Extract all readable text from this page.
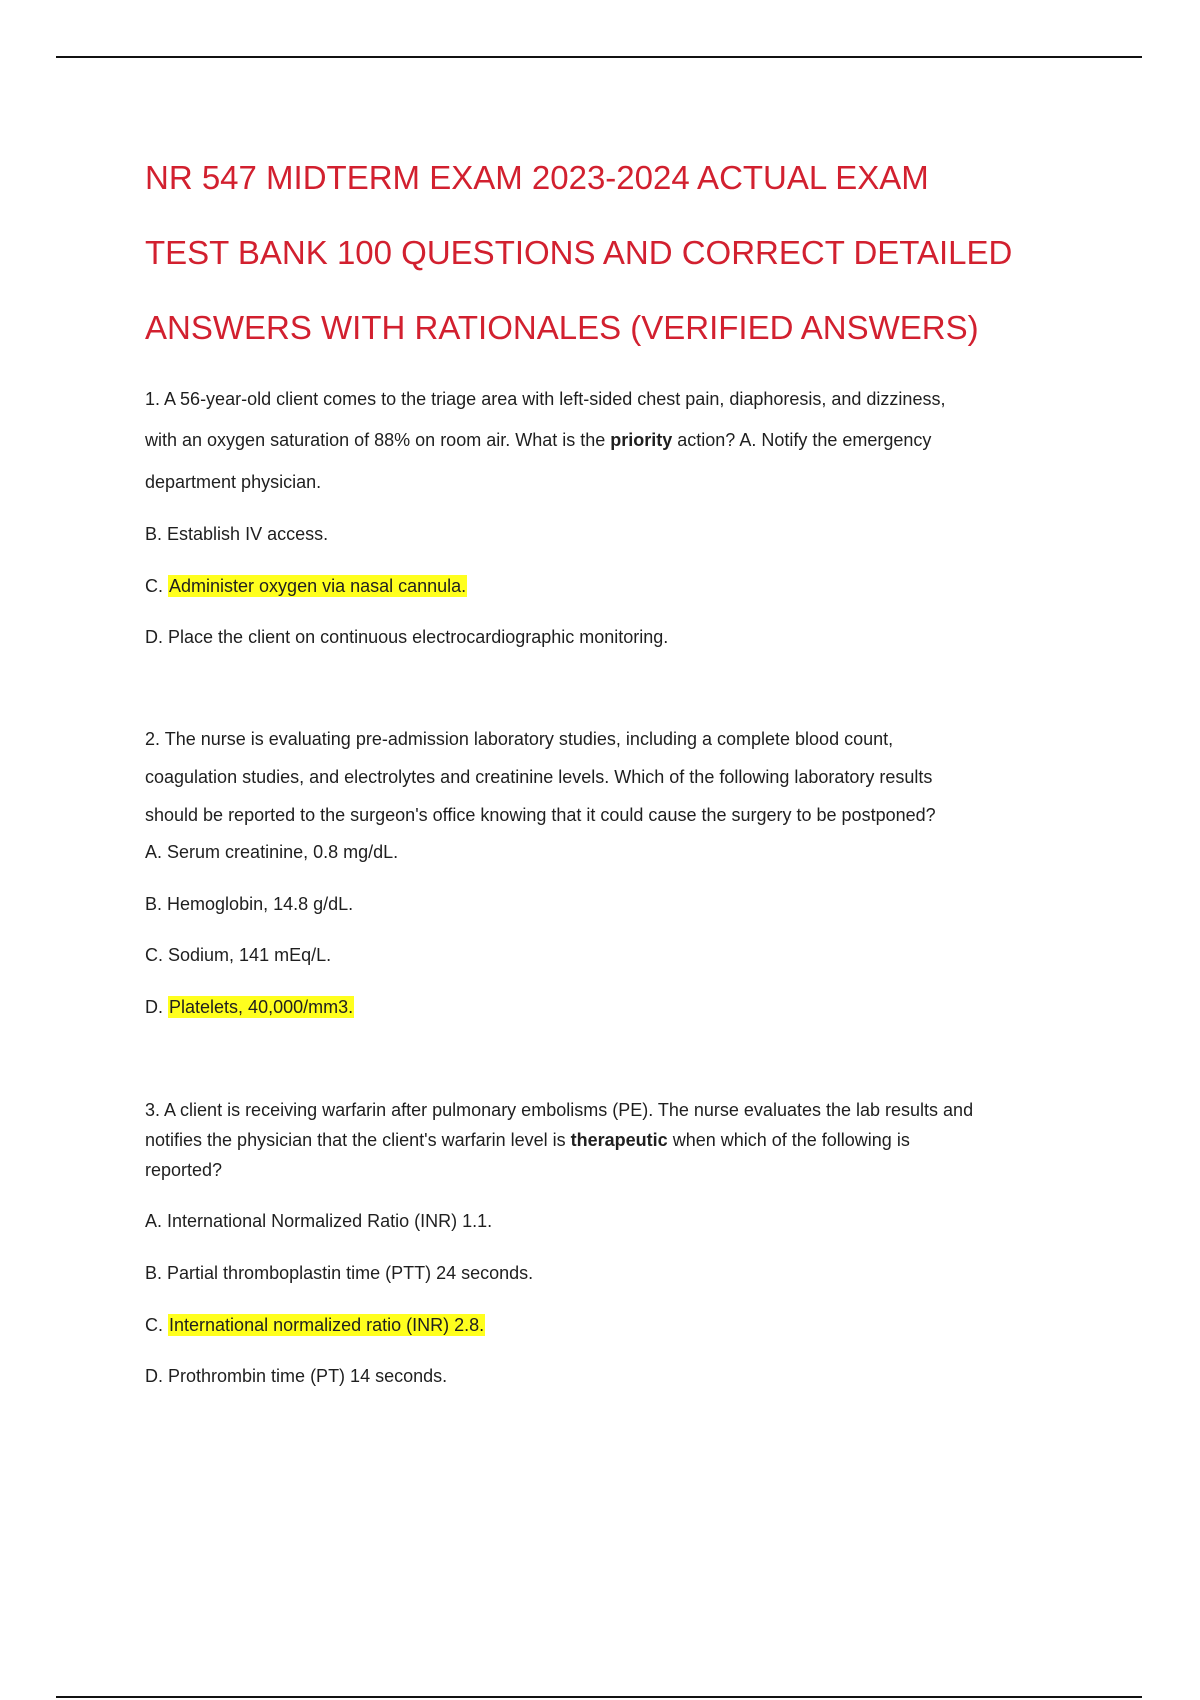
NR 547 MIDTERM EXAM 2023-2024 ACTUAL EXAM
TEST BANK 100 QUESTIONS AND CORRECT DETAILED
ANSWERS WITH RATIONALES (VERIFIED ANSWERS)
1. A 56-year-old client comes to the triage area with left-sided chest pain, diaphoresis, and dizziness,
with an oxygen saturation of 88% on room air. What is the priority action? A. Notify the emergency
department physician.
B. Establish IV access.
C. Administer oxygen via nasal cannula.
D. Place the client on continuous electrocardiographic monitoring.
2. The nurse is evaluating pre-admission laboratory studies, including a complete blood count,
coagulation studies, and electrolytes and creatinine levels. Which of the following laboratory results
should be reported to the surgeon's office knowing that it could cause the surgery to be postponed?
A. Serum creatinine, 0.8 mg/dL.
B. Hemoglobin, 14.8 g/dL.
C. Sodium, 141 mEq/L.
D. Platelets, 40,000/mm3.
3. A client is receiving warfarin after pulmonary embolisms (PE). The nurse evaluates the lab results and
notifies the physician that the client's warfarin level is therapeutic when which of the following is
reported?
A. International Normalized Ratio (INR) 1.1.
B. Partial thromboplastin time (PTT) 24 seconds.
C. International normalized ratio (INR) 2.8.
D. Prothrombin time (PT) 14 seconds.
